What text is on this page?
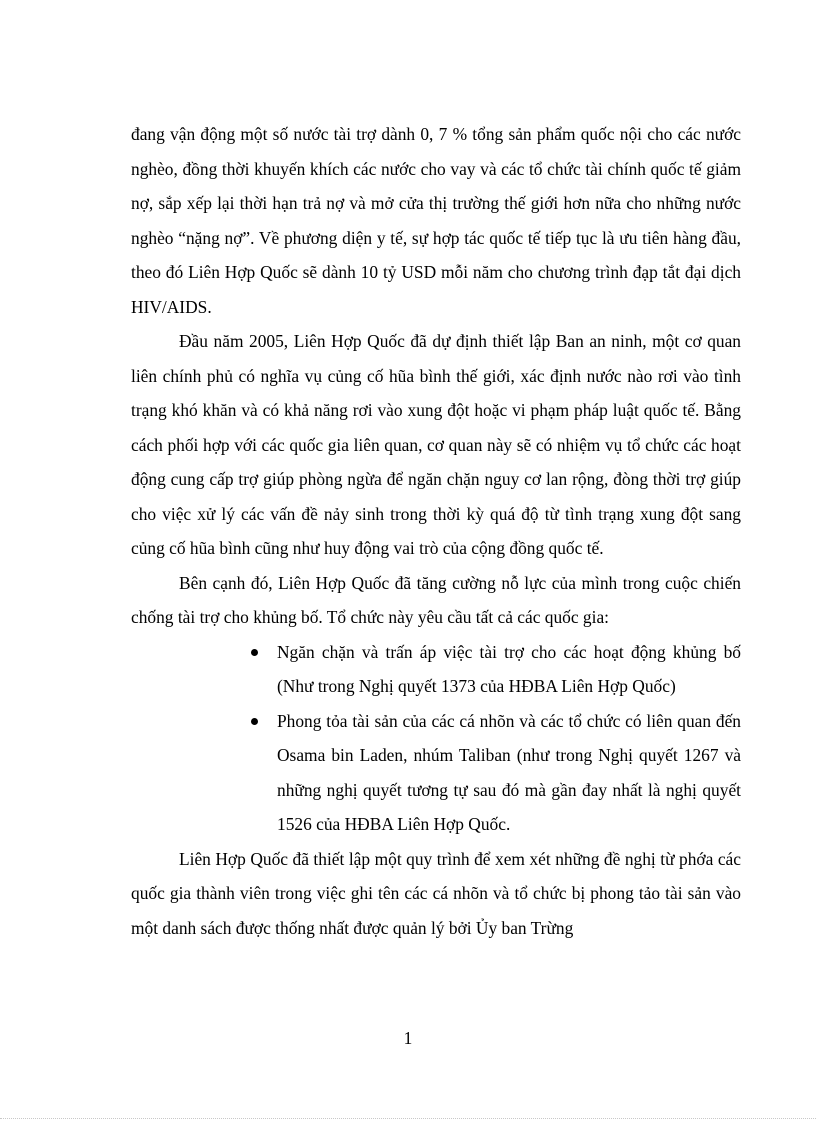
đang vận động một số nước tài trợ dành 0, 7 % tổng sản phẩm quốc nội cho các nước nghèo, đồng thời khuyến khích các nước cho vay và các tổ chức tài chính quốc tế giảm nợ, sắp xếp lại thời hạn trả nợ và mở cửa thị trường thế giới hơn nữa cho những nước nghèo “nặng nợ”. Về phương diện y tế, sự hợp tác quốc tế tiếp tục là ưu tiên hàng đầu, theo đó Liên Hợp Quốc sẽ dành 10 tỷ USD mỗi năm cho chương trình đạp tắt đại dịch HIV/AIDS.

Đầu năm 2005, Liên Hợp Quốc đã dự định thiết lập Ban an ninh, một cơ quan liên chính phủ có nghĩa vụ củng cố hũa bình thế giới, xác định nước nào rơi vào tình trạng khó khăn và có khả năng rơi vào xung đột hoặc vi phạm pháp luật quốc tế. Bằng cách phối hợp với các quốc gia liên quan, cơ quan này sẽ có nhiệm vụ tổ chức các hoạt động cung cấp trợ giúp phòng ngừa để ngăn chặn nguy cơ lan rộng, đòng thời trợ giúp cho việc xử lý các vấn đề nảy sinh trong thời kỳ quá độ từ tình trạng xung đột sang củng cố hũa bình cũng như huy động vai trò của cộng đồng quốc tế.

Bên cạnh đó, Liên Hợp Quốc đã tăng cường nỗ lực của mình trong cuộc chiến chống tài trợ cho khủng bố. Tổ chức này yêu cầu tất cả các quốc gia:

Ngăn chặn và trấn áp việc tài trợ cho các hoạt động khủng bố (Như trong Nghị quyết 1373 của HĐBA Liên Hợp Quốc)
Phong tỏa tài sản của các cá nhõn và các tổ chức có liên quan đến Osama bin Laden, nhúm Taliban (như trong Nghị quyết 1267 và những nghị quyết tương tự sau đó mà gần đay nhất là nghị quyết 1526 của HĐBA Liên Hợp Quốc.

Liên Hợp Quốc đã thiết lập một quy trình để xem xét những đề nghị từ phớa các quốc gia thành viên trong việc ghi tên các cá nhõn và tổ chức bị phong tảo tài sản vào một danh sách được thống nhất được quản lý bởi Ủy ban Trừng

1
